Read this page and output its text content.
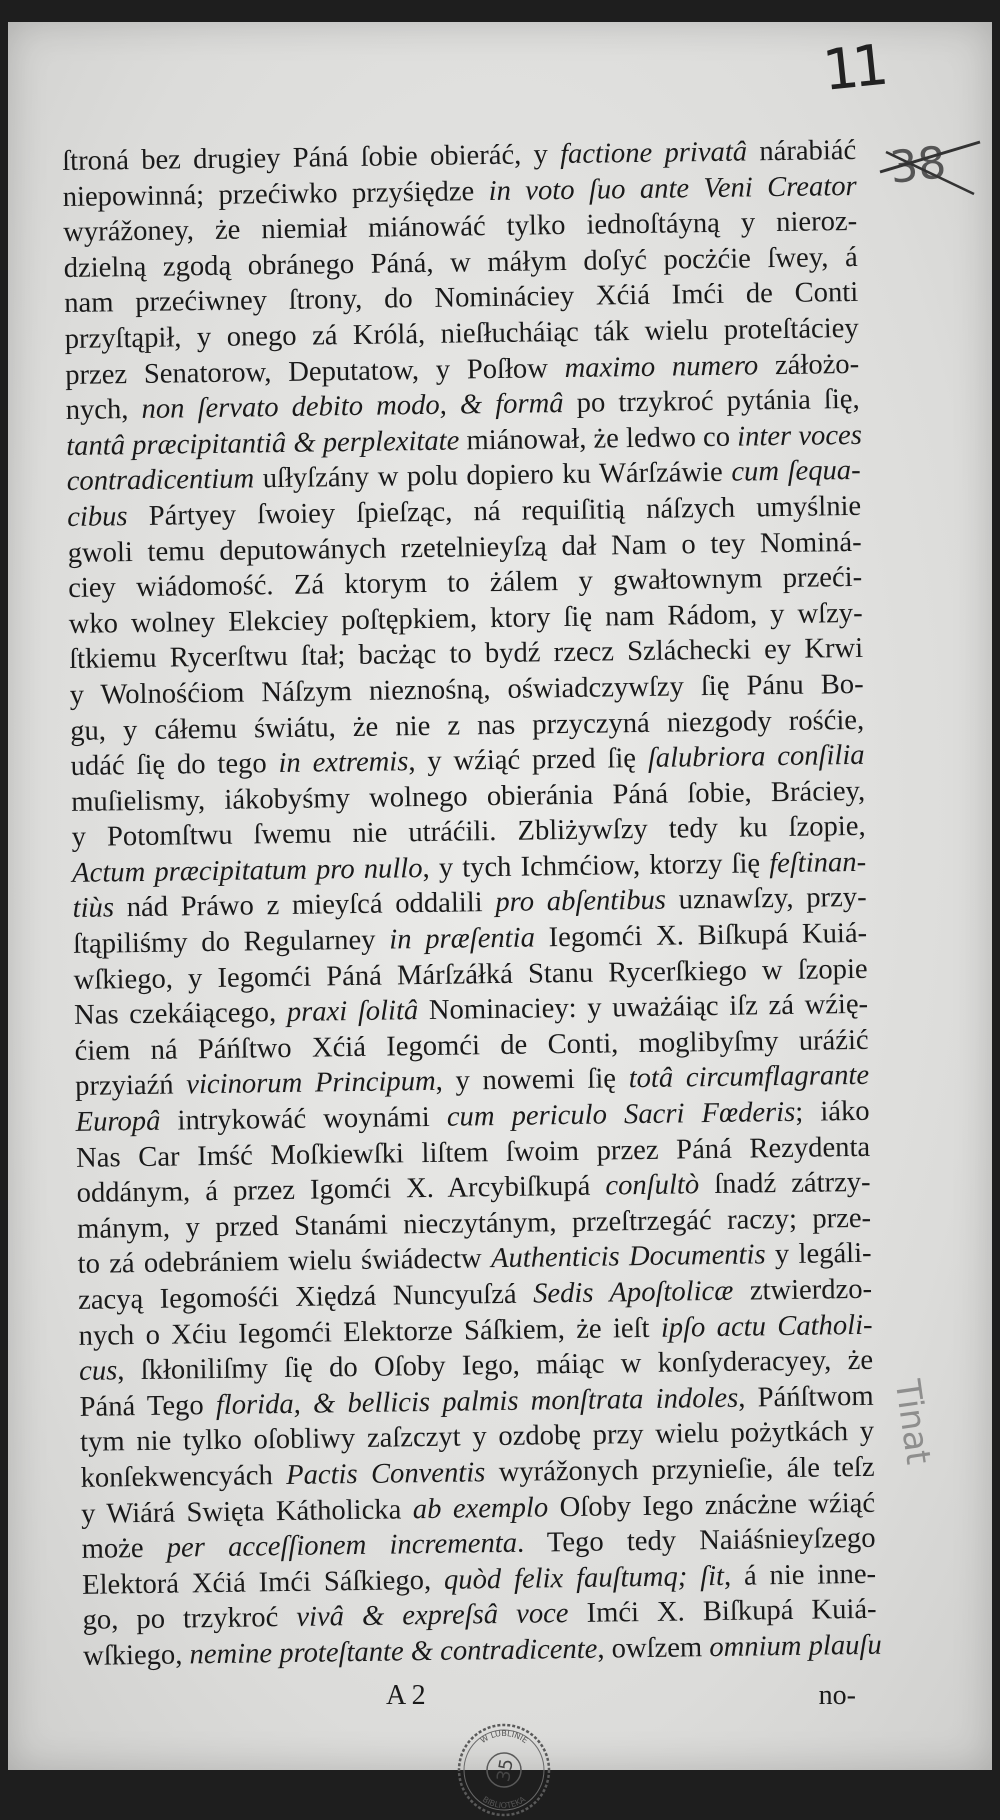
11
38
ſtroná bez drugiey Páná ſobie obieráć, y factione privatâ nárabiáć
niepowinná; przećiwko przyśięǳe in voto ſuo ante Veni Creator
wyrážoney, że niemiał miánowáć tylko iednoſtáyną y nieroz-
ǳielną zgodą obránego Páná, w máłym doſyć pocżćie ſwey, á
nam przećiwney ſtrony, do Nomináciey Xćiá Imći de Conti
przyſtąpił, y onego zá Królá, nieſłucháiąc ták wielu proteſtáciey
przez Senatorow, Deputatow, y Poſłow maximo numero záłożo-
nych, non ſervato debito modo, & formâ po trzykroć pytánia ſię,
tantâ præcipitantiâ & perplexitate miánował, że ledwo co inter voces
contradicentium uſłyſzány w polu dopiero ku Wárſzáwie cum ſequa-
cibus Pártyey ſwoiey ſpieſząc, ná requiſitią náſzych umyślnie
gwoli temu deputowánych rzetelnieyſzą dał Nam o tey Nominá-
ciey wiádomość. Zá ktorym to żálem y gwałtownym przeći-
wko wolney Elekciey poſtępkiem, ktory ſię nam Rádom, y wſzy-
ſtkiemu Rycerſtwu ſtał; bacżąc to bydź rzecz Szláchecki ey Krwi
y Wolnośćiom Náſzym nieznośną, oświadczywſzy ſię Pánu Bo-
gu, y cáłemu świátu, że nie z nas przyczyná niezgody rośćie,
udáć ſię do tego in extremis, y wźiąć przed ſię ſalubriora conſilia
muſielismy, iákobyśmy wolnego obieránia Páná ſobie, Bráciey,
y Potomſtwu ſwemu nie utráćili. Zbliżywſzy tedy ku ſzopie,
Actum præcipitatum pro nullo, y tych Ichmćiow, ktorzy ſię feſtinan-
tiùs nád Práwo z mieyſcá oddalili pro abſentibus uznawſzy, przy-
ſtąpiliśmy do Regularney in præſentia Iegomći X. Biſkupá Kuiá-
wſkiego, y Iegomći Páná Márſzáłká Stanu Rycerſkiego w ſzopie
Nas czekáiącego, praxi ſolitâ Nominaciey: y uważáiąc iſz zá wźię-
ćiem ná Páńſtwo Xćiá Iegomći de Conti, moglibyſmy uráźić
przyiaźń vicinorum Principum, y nowemi ſię totâ circumflagrante
Europâ intrykowáć woynámi cum periculo Sacri Fœderis; iáko
Nas Car Imść Moſkiewſki liſtem ſwoim przez Páná Rezydenta
oddánym, á przez Igomći X. Arcybiſkupá conſultò ſnadź zátrzy-
mánym, y przed Stanámi nieczytánym, przeſtrzegáć raczy; prze-
to zá odebrániem wielu świádectw Authenticis Documentis y legáli-
zacyą Iegomośći Xiędzá Nuncyuſzá Sedis Apoſtolicæ ztwierdzo-
nych o Xćiu Iegomći Elektorze Sáſkiem, że ieſt ipſo actu Catholi-
cus, ſkłoniliſmy ſię do Oſoby Iego, máiąc w konſyderacyey, że
Páná Tego florida, & bellicis palmis monſtrata indoles, Páńſtwom
tym nie tylko oſobliwy zaſzczyt y ozdobę przy wielu pożytkách y
konſekwencyách Pactis Conventis wyrážonych przynieſie, ále teſz
y Wiárá Swięta Kátholicka ab exemplo Oſoby Iego znácżne wźiąć
może per acceſſionem incrementa. Tego tedy Naiáśnieyſzego
Elektorá Xćiá Imći Sáſkiego, quòd felix fauſtumq; ſit, á nie inne-
go, po trzykroć vivâ & expreſsâ voce Imći X. Biſkupá Kuiá-
wſkiego, nemine proteſtante & contradicente, owſzem omnium plauſu
Tinat
A 2	no-
W LUBLINIE
BIBLIOTEKA
35
